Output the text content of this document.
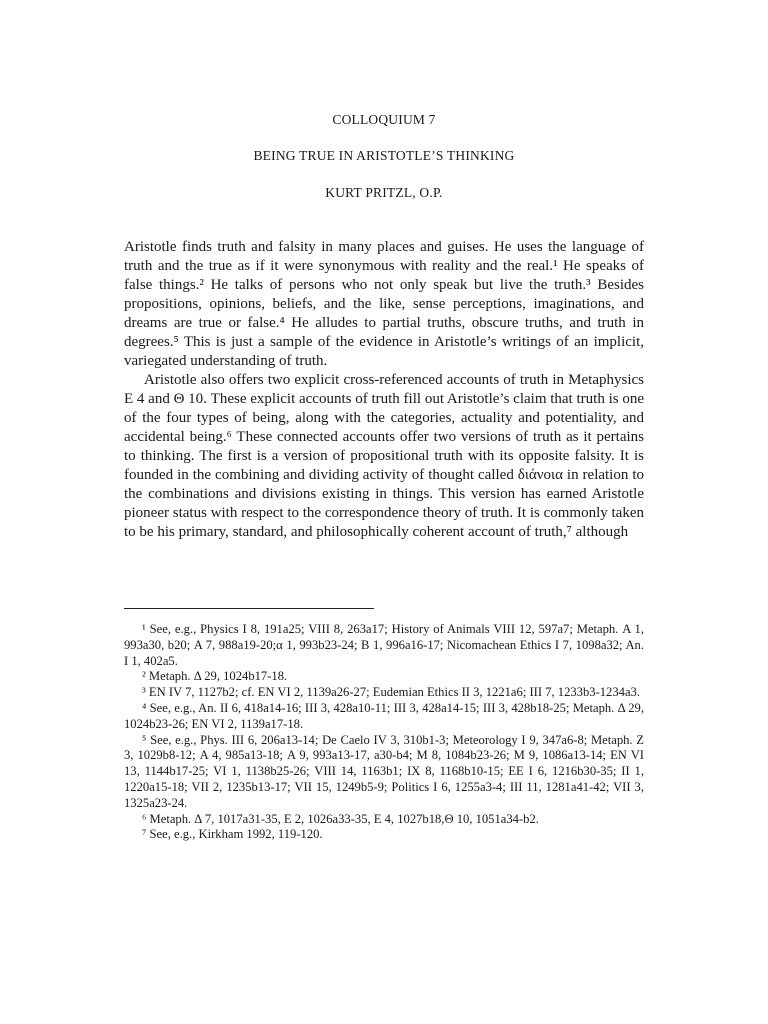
COLLOQUIUM 7
BEING TRUE IN ARISTOTLE’S THINKING
KURT PRITZL, O.P.

Aristotle finds truth and falsity in many places and guises. He uses the language of truth and the true as if it were synonymous with reality and the real.¹ He speaks of false things.² He talks of persons who not only speak but live the truth.³ Besides propositions, opinions, beliefs, and the like, sense perceptions, imaginations, and dreams are true or false.⁴ He alludes to partial truths, obscure truths, and truth in degrees.⁵ This is just a sample of the evidence in Aristotle’s writings of an implicit, variegated understanding of truth.

Aristotle also offers two explicit cross-referenced accounts of truth in Metaphysics Ε 4 and Θ 10. These explicit accounts of truth fill out Aristotle’s claim that truth is one of the four types of being, along with the categories, actuality and potentiality, and accidental being.⁶ These connected accounts offer two versions of truth as it pertains to thinking. The first is a version of propositional truth with its opposite falsity. It is founded in the combining and dividing activity of thought called διάνοια in relation to the combinations and divisions existing in things. This version has earned Aristotle pioneer status with respect to the correspondence theory of truth. It is commonly taken to be his primary, standard, and philosophically coherent account of truth,⁷ although

¹ See, e.g., Physics I 8, 191a25; VIII 8, 263a17; History of Animals VIII 12, 597a7; Metaph. Α 1, 993a30, b20; Α 7, 988a19-20;α 1, 993b23-24; Β 1, 996a16-17; Nicomachean Ethics I 7, 1098a32; An. I 1, 402a5.

² Metaph. Δ 29, 1024b17-18.

³ EN IV 7, 1127b2; cf. EN VI 2, 1139a26-27; Eudemian Ethics II 3, 1221a6; III 7, 1233b3-1234a3.

⁴ See, e.g., An. II 6, 418a14-16; III 3, 428a10-11; III 3, 428a14-15; III 3, 428b18-25; Metaph. Δ 29, 1024b23-26; EN VI 2, 1139a17-18.

⁵ See, e.g., Phys. III 6, 206a13-14; De Caelo IV 3, 310b1-3; Meteorology I 9, 347a6-8; Metaph. Ζ 3, 1029b8-12; Α 4, 985a13-18; Α 9, 993a13-17, a30-b4; Μ 8, 1084b23-26; Μ 9, 1086a13-14; EN VI 13, 1144b17-25; VI 1, 1138b25-26; VIII 14, 1163b1; IX 8, 1168b10-15; EE I 6, 1216b30-35; II 1, 1220a15-18; VII 2, 1235b13-17; VII 15, 1249b5-9; Politics I 6, 1255a3-4; III 11, 1281a41-42; VII 3, 1325a23-24.

⁶ Metaph. Δ 7, 1017a31-35, Ε 2, 1026a33-35, Ε 4, 1027b18,Θ 10, 1051a34-b2.

⁷ See, e.g., Kirkham 1992, 119-120.
